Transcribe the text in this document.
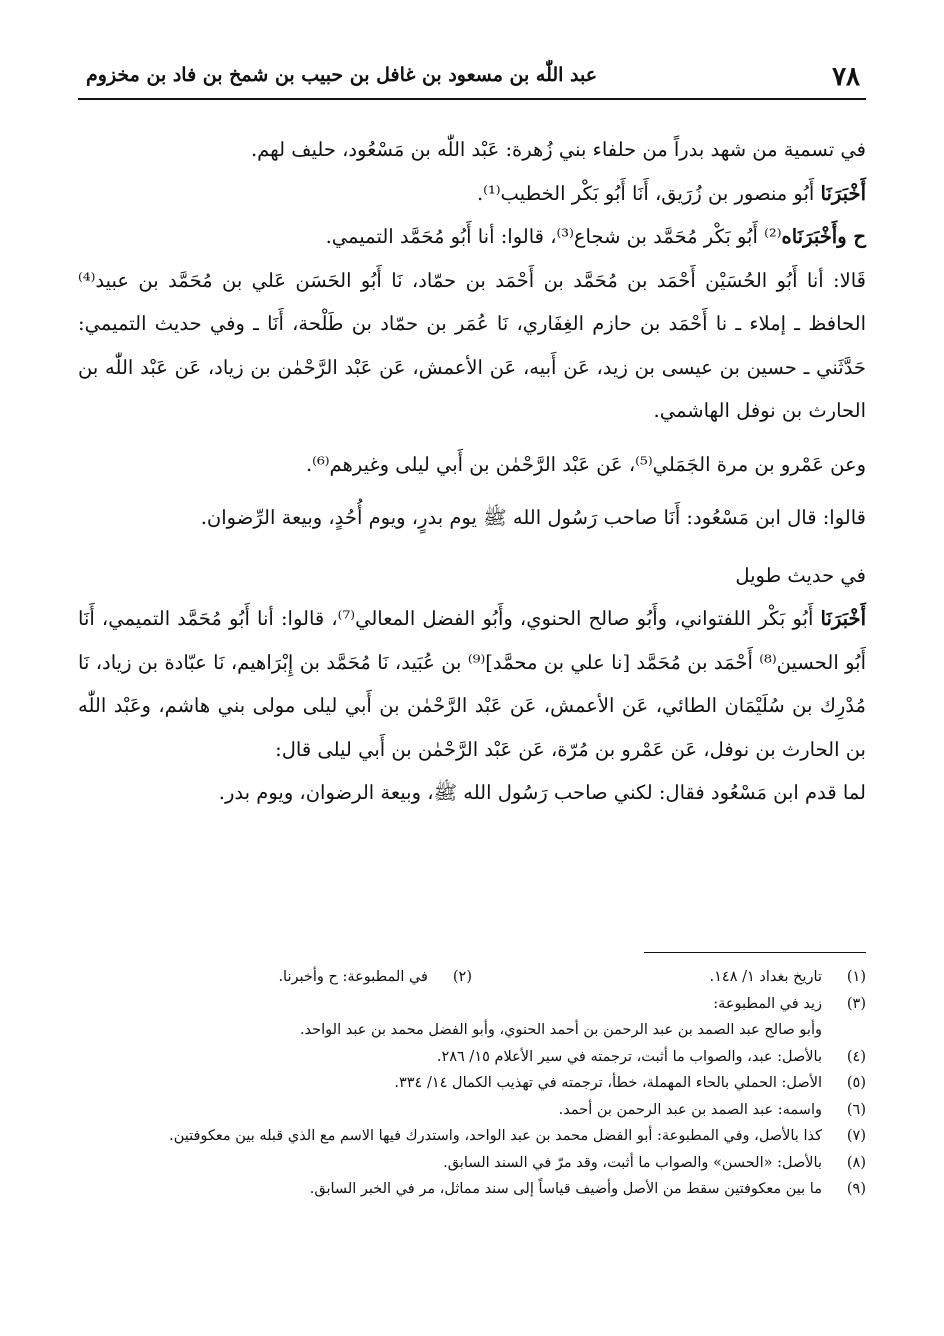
٧٨
عبد اللّٰه بن مسعود بن غافل بن حبيب بن شمخ بن فاد بن مخزوم

في تسمية من شهد بدراً من حلفاء بني زُهرة: عَبْد اللّٰه بن مَسْعُود، حليف لهم.

أَخْبَرَنَا أَبُو منصور بن زُرَيق، أَنَا أَبُو بَكْر الخطيب⁽¹⁾.

ح وأَخْبَرَنَاه⁽²⁾ أَبُو بَكْر مُحَمَّد بن شجاع⁽³⁾، قالوا: أنا أَبُو مُحَمَّد التميمي.

قَالا: أنا أَبُو الحُسَيْن أَحْمَد بن مُحَمَّد بن أَحْمَد بن حمّاد، نَا أَبُو الحَسَن عَلي بن مُحَمَّد بن عبيد⁽⁴⁾ الحافظ ـ إملاء ـ نا أَحْمَد بن حازم الغِفَاري، نَا عُمَر بن حمّاد بن طَلْحة، أَنَا ـ وفي حديث التميمي: حَدَّثَني ـ حسين بن عيسى بن زيد، عَن أَبيه، عَن الأعمش، عَن عَبْد الرَّحْمٰن بن زياد، عَن عَبْد اللّٰه بن الحارث بن نوفل الهاشمي.

وعن عَمْرو بن مرة الجَمَلي⁽⁵⁾، عَن عَبْد الرَّحْمٰن بن أَبي ليلى وغيرهم⁽⁶⁾.

قالوا: قال ابن مَسْعُود: أَنَا صاحب رَسُول الله ﷺ يوم بدرٍ، ويوم أُحُدٍ، وبيعة الرِّضوان.

في حديث طويل

أَخْبَرَنَا أَبُو بَكْر اللفتواني، وأَبُو صالح الحنوي، وأَبُو الفضل المعالي⁽⁷⁾، قالوا: أنا أَبُو مُحَمَّد التميمي، أَنَا أَبُو الحسين⁽⁸⁾ أَحْمَد بن مُحَمَّد [نا علي بن محمَّد]⁽⁹⁾ بن عُبَيد، نَا مُحَمَّد بن إِبْرَاهيم، نَا عبّادة بن زياد، نَا مُدْرِك بن سُلَيْمَان الطائي، عَن الأعمش، عَن عَبْد الرَّحْمٰن بن أَبي ليلى مولى بني هاشم، وعَبْد اللّٰه بن الحارث بن نوفل، عَن عَمْرو بن مُرّة، عَن عَبْد الرَّحْمٰن بن أَبي ليلى قال:

لما قدم ابن مَسْعُود فقال: لكني صاحب رَسُول الله ﷺ، وبيعة الرضوان، ويوم بدر.

(١)
تاريخ بغداد ١/ ١٤٨.
(٢)
في المطبوعة: ح وأخبرنا.
(٣)
زيد في المطبوعة:
وأبو صالح عبد الصمد بن عبد الرحمن بن أحمد الحنوي، وأبو الفضل محمد بن عبد الواحد.
(٤)
بالأصل: عبد، والصواب ما أثبت، ترجمته في سير الأعلام ١٥/ ٢٨٦.
(٥)
الأصل: الحملي بالحاء المهملة، خطأ، ترجمته في تهذيب الكمال ١٤/ ٣٣٤.
(٦)
واسمه: عبد الصمد بن عبد الرحمن بن أحمد.
(٧)
كذا بالأصل، وفي المطبوعة: أبو الفضل محمد بن عبد الواحد، واستدرك فيها الاسم مع الذي قبله بين معكوفتين.
(٨)
بالأصل: «الحسن» والصواب ما أثبت، وقد مرّ في السند السابق.
(٩)
ما بين معكوفتين سقط من الأصل وأضيف قياساً إلى سند مماثل، مر في الخبر السابق.
